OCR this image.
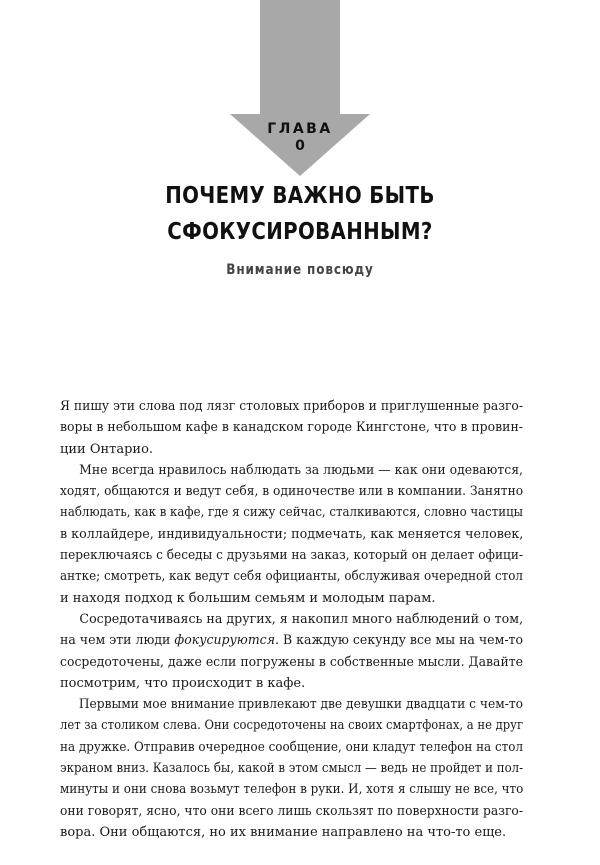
ГЛАВА
0
ПОЧЕМУ ВАЖНО БЫТЬ
СФОКУСИРОВАННЫМ?
Внимание повсюду
Я пишу эти слова под лязг столовых приборов и приглушенные разго-
воры в небольшом кафе в канадском городе Кингстоне, что в провин-
ции Онтарио.
Мне всегда нравилось наблюдать за людьми — как они одеваются,
ходят, общаются и ведут себя, в одиночестве или в компании. Занятно
наблюдать, как в кафе, где я сижу сейчас, сталкиваются, словно частицы
в коллайдере, индивидуальности; подмечать, как меняется человек,
переключаясь с беседы с друзьями на заказ, который он делает офици-
антке; смотреть, как ведут себя официанты, обслуживая очередной стол
и находя подход к большим семьям и молодым парам.
Сосредотачиваясь на других, я накопил много наблюдений о том,
на чем эти люди фокусируются. В каждую секунду все мы на чем-то
сосредоточены, даже если погружены в собственные мысли. Давайте
посмотрим, что происходит в кафе.
Первыми мое внимание привлекают две девушки двадцати с чем-то
лет за столиком слева. Они сосредоточены на своих смартфонах, а не друг
на дружке. Отправив очередное сообщение, они кладут телефон на стол
экраном вниз. Казалось бы, какой в этом смысл — ведь не пройдет и пол-
минуты и они снова возьмут телефон в руки. И, хотя я слышу не все, что
они говорят, ясно, что они всего лишь скользят по поверхности разго-
вора. Они общаются, но их внимание направлено на что-то еще.
